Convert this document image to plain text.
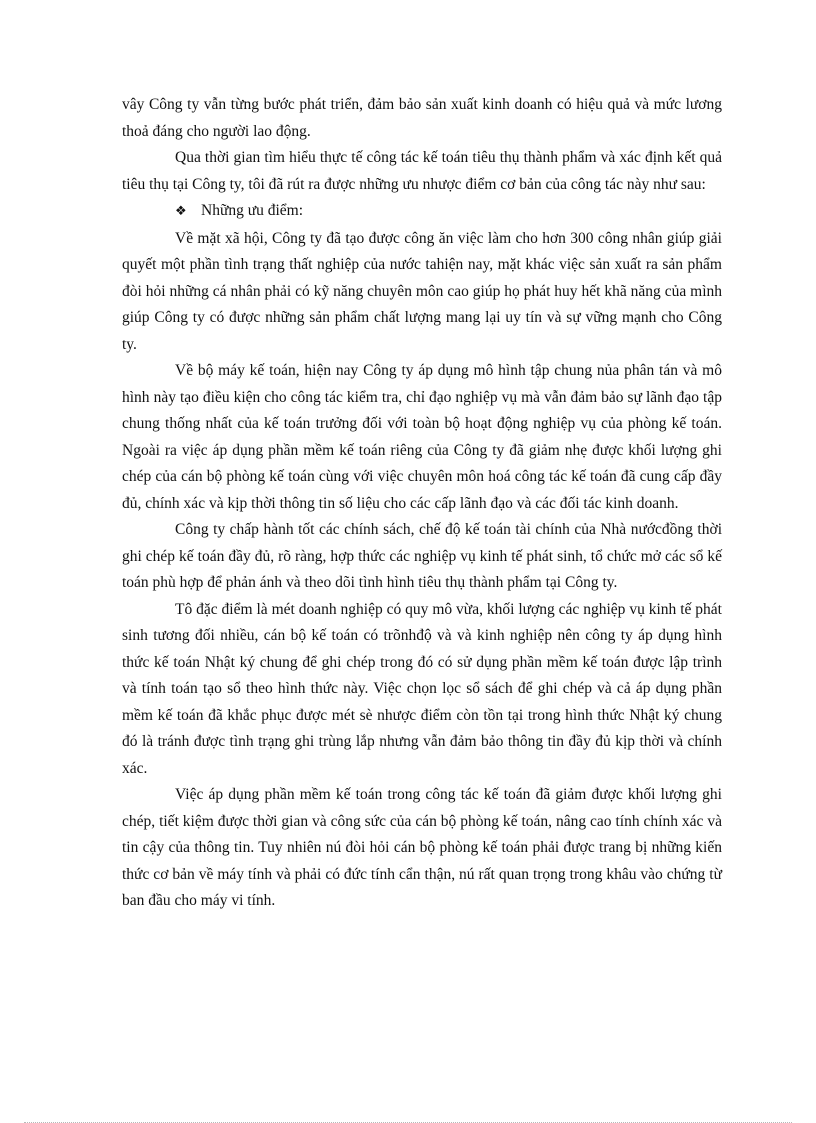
vây Công ty vẫn từng bước phát triển, đảm bảo sản xuất kinh doanh có hiệu quả và mức lương thoả đáng cho người lao động.

Qua thời gian tìm hiểu thực tế công tác kế toán tiêu thụ thành phẩm và xác định kết quả tiêu thụ tại Công ty, tôi đã rút ra được những ưu nhược điểm cơ bản của công tác này như sau:

❖ Những ưu điểm:

Về mặt xã hội, Công ty đã tạo được công ăn việc làm cho hơn 300 công nhân giúp giải quyết một phần tình trạng thất nghiệp của nước tahiện nay, mặt khác việc sản xuất ra sản phẩm đòi hỏi những cá nhân phải có kỹ năng chuyên môn cao giúp họ phát huy hết khã năng của mình giúp Công ty có được những sản phẩm chất lượng mang lại uy tín và sự vững mạnh cho Công ty.

Về bộ máy kế toán, hiện nay Công ty áp dụng mô hình tập chung nủa phân tán và mô hình này tạo điều kiện cho công tác kiểm tra, chỉ đạo nghiệp vụ mà vẫn đảm bảo sự lãnh đạo tập chung thống nhất của kế toán trưởng đối với toàn bộ hoạt động nghiệp vụ của phòng kế toán. Ngoài ra việc áp dụng phần mềm kế toán riêng của Công ty đã giảm nhẹ được khối lượng ghi chép của cán bộ phòng kế toán cùng với việc chuyên môn hoá công tác kế toán đã cung cấp đầy đủ, chính xác và kịp thời thông tin số liệu cho các cấp lãnh đạo và các đối tác kinh doanh.

Công ty chấp hành tốt các chính sách, chế độ kế toán tài chính của Nhà nướcđồng thời ghi chép kế toán đầy đủ, rõ ràng, hợp thức các nghiệp vụ kinh tế phát sinh, tổ chức mở các sổ kế toán phù hợp để phản ánh và theo dõi tình hình tiêu thụ thành phẩm tại Công ty.

Tô đặc điểm là mét doanh nghiệp có quy mô vừa, khối lượng các nghiệp vụ kinh tế phát sinh tương đối nhiều, cán bộ kế toán có trõnhđộ và và kinh nghiệp nên công ty áp dụng hình thức kế toán Nhật ký chung để ghi chép trong đó có sử dụng phần mềm kế toán được lập trình và tính toán tạo sổ theo hình thức này. Việc chọn lọc sổ sách để ghi chép và cả áp dụng phần mềm kế toán đã khắc phục được mét sè nhược điểm còn tồn tại trong hình thức Nhật ký chung đó là tránh được tình trạng ghi trùng lắp nhưng vẫn đảm bảo thông tin đầy đủ kịp thời và chính xác.

Việc áp dụng phần mềm kế toán trong công tác kế toán đã giảm được khối lượng ghi chép, tiết kiệm được thời gian và công sức của cán bộ phòng kế toán, nâng cao tính chính xác và tin cậy của thông tin. Tuy nhiên nú đòi hỏi cán bộ phòng kế toán phải được trang bị những kiến thức cơ bản về máy tính và phải có đức tính cẩn thận, nú rất quan trọng trong khâu vào chứng từ ban đầu cho máy vi tính.
